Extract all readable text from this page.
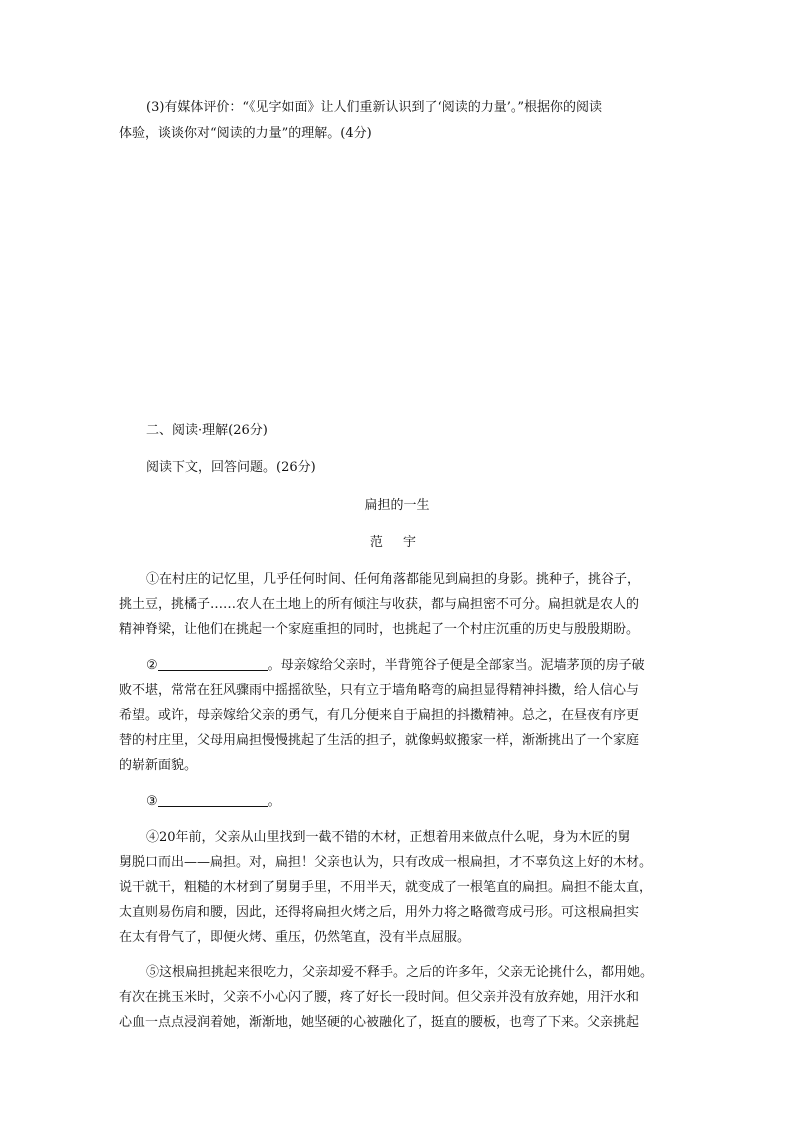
(3)有媒体评价：“《见字如面》让人们重新认识到了‘阅读的力量’。”根据你的阅读
体验，谈谈你对“阅读的力量”的理解。(4分)
二、阅读·理解(26分)
阅读下文，回答问题。(26分)
扁担的一生
范 宇
①在村庄的记忆里，几乎任何时间、任何角落都能见到扁担的身影。挑种子，挑谷子，
挑土豆，挑橘子……农人在土地上的所有倾注与收获，都与扁担密不可分。扁担就是农人的
精神脊梁，让他们在挑起一个家庭重担的同时，也挑起了一个村庄沉重的历史与殷殷期盼。
②	。母亲嫁给父亲时，半背篼谷子便是全部家当。泥墙茅顶的房子破
败不堪，常常在狂风骤雨中摇摇欲坠，只有立于墙角略弯的扁担显得精神抖擞，给人信心与
希望。或许，母亲嫁给父亲的勇气，有几分便来自于扁担的抖擞精神。总之，在昼夜有序更
替的村庄里，父母用扁担慢慢挑起了生活的担子，就像蚂蚁搬家一样，渐渐挑出了一个家庭
的崭新面貌。
③	。
④20年前，父亲从山里找到一截不错的木材，正想着用来做点什么呢，身为木匠的舅
舅脱口而出——扁担。对，扁担！父亲也认为，只有改成一根扁担，才不辜负这上好的木材。
说干就干，粗糙的木材到了舅舅手里，不用半天，就变成了一根笔直的扁担。扁担不能太直，
太直则易伤肩和腰，因此，还得将扁担火烤之后，用外力将之略微弯成弓形。可这根扁担实
在太有骨气了，即便火烤、重压，仍然笔直，没有半点屈服。
⑤这根扁担挑起来很吃力，父亲却爱不释手。之后的许多年，父亲无论挑什么，都用她。
有次在挑玉米时，父亲不小心闪了腰，疼了好长一段时间。但父亲并没有放弃她，用汗水和
心血一点点浸润着她，渐渐地，她坚硬的心被融化了，挺直的腰板，也弯了下来。父亲挑起
